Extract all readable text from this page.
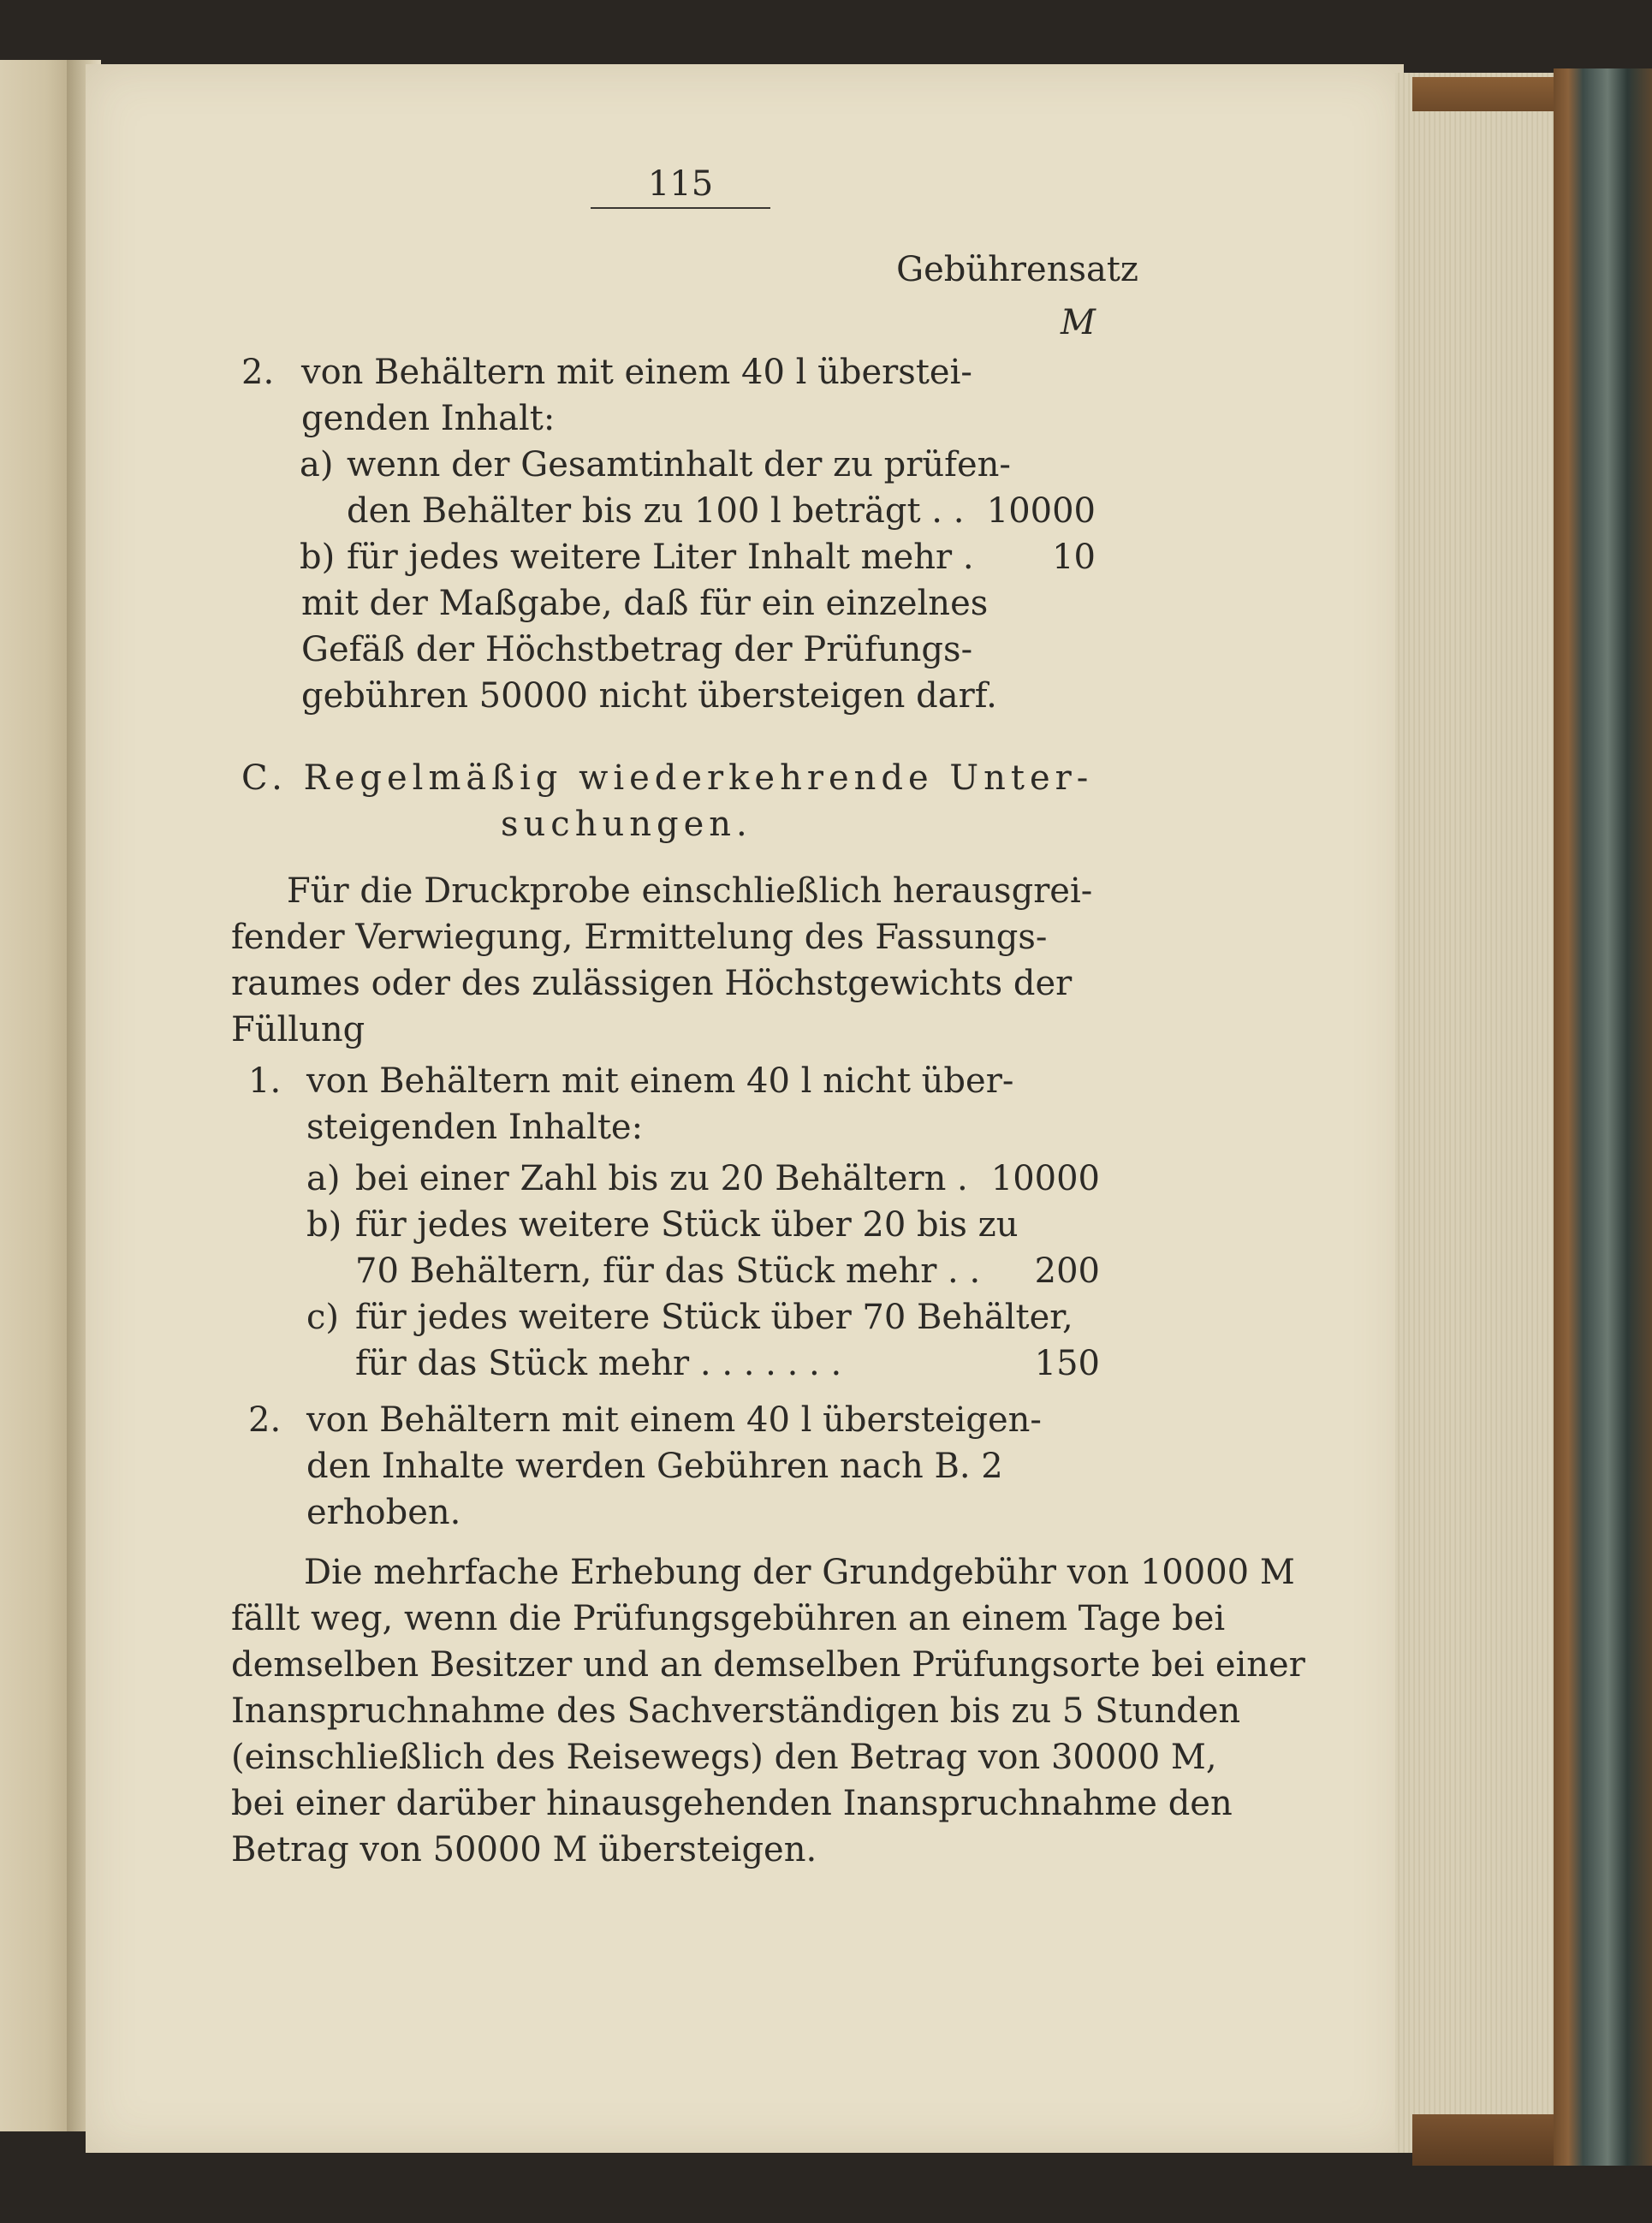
115
Gebührensatz
M
2. von Behältern mit einem 40 l überstei-
genden Inhalt:
a) wenn der Gesamtinhalt der zu prüfen-
den Behälter bis zu 100 l beträgt . . 10000
b) für jedes weitere Liter Inhalt mehr .	10
mit der Maßgabe, daß für ein einzelnes
Gefäß der Höchstbetrag der Prüfungs-
gebühren 50000 nicht übersteigen darf.
C. Regelmäßig wiederkehrende Unter-
suchungen.
Für die Druckprobe einschließlich herausgrei-
fender Verwiegung, Ermittelung des Fassungs-
raumes oder des zulässigen Höchstgewichts der
Füllung
1. von Behältern mit einem 40 l nicht über-
steigenden Inhalte:
a) bei einer Zahl bis zu 20 Behältern . 10000
b) für jedes weitere Stück über 20 bis zu
70 Behältern, für das Stück mehr . .	200
c) für jedes weitere Stück über 70 Behälter,
für das Stück mehr . . . . . . .	150
2. von Behältern mit einem 40 l übersteigen-
den Inhalte werden Gebühren nach B. 2
erhoben.
Die mehrfache Erhebung der Grundgebühr von 10000 M
fällt weg, wenn die Prüfungsgebühren an einem Tage bei
demselben Besitzer und an demselben Prüfungsorte bei einer
Inanspruchnahme des Sachverständigen bis zu 5 Stunden
(einschließlich des Reisewegs) den Betrag von 30000 M,
bei einer darüber hinausgehenden Inanspruchnahme den
Betrag von 50000 M übersteigen.
